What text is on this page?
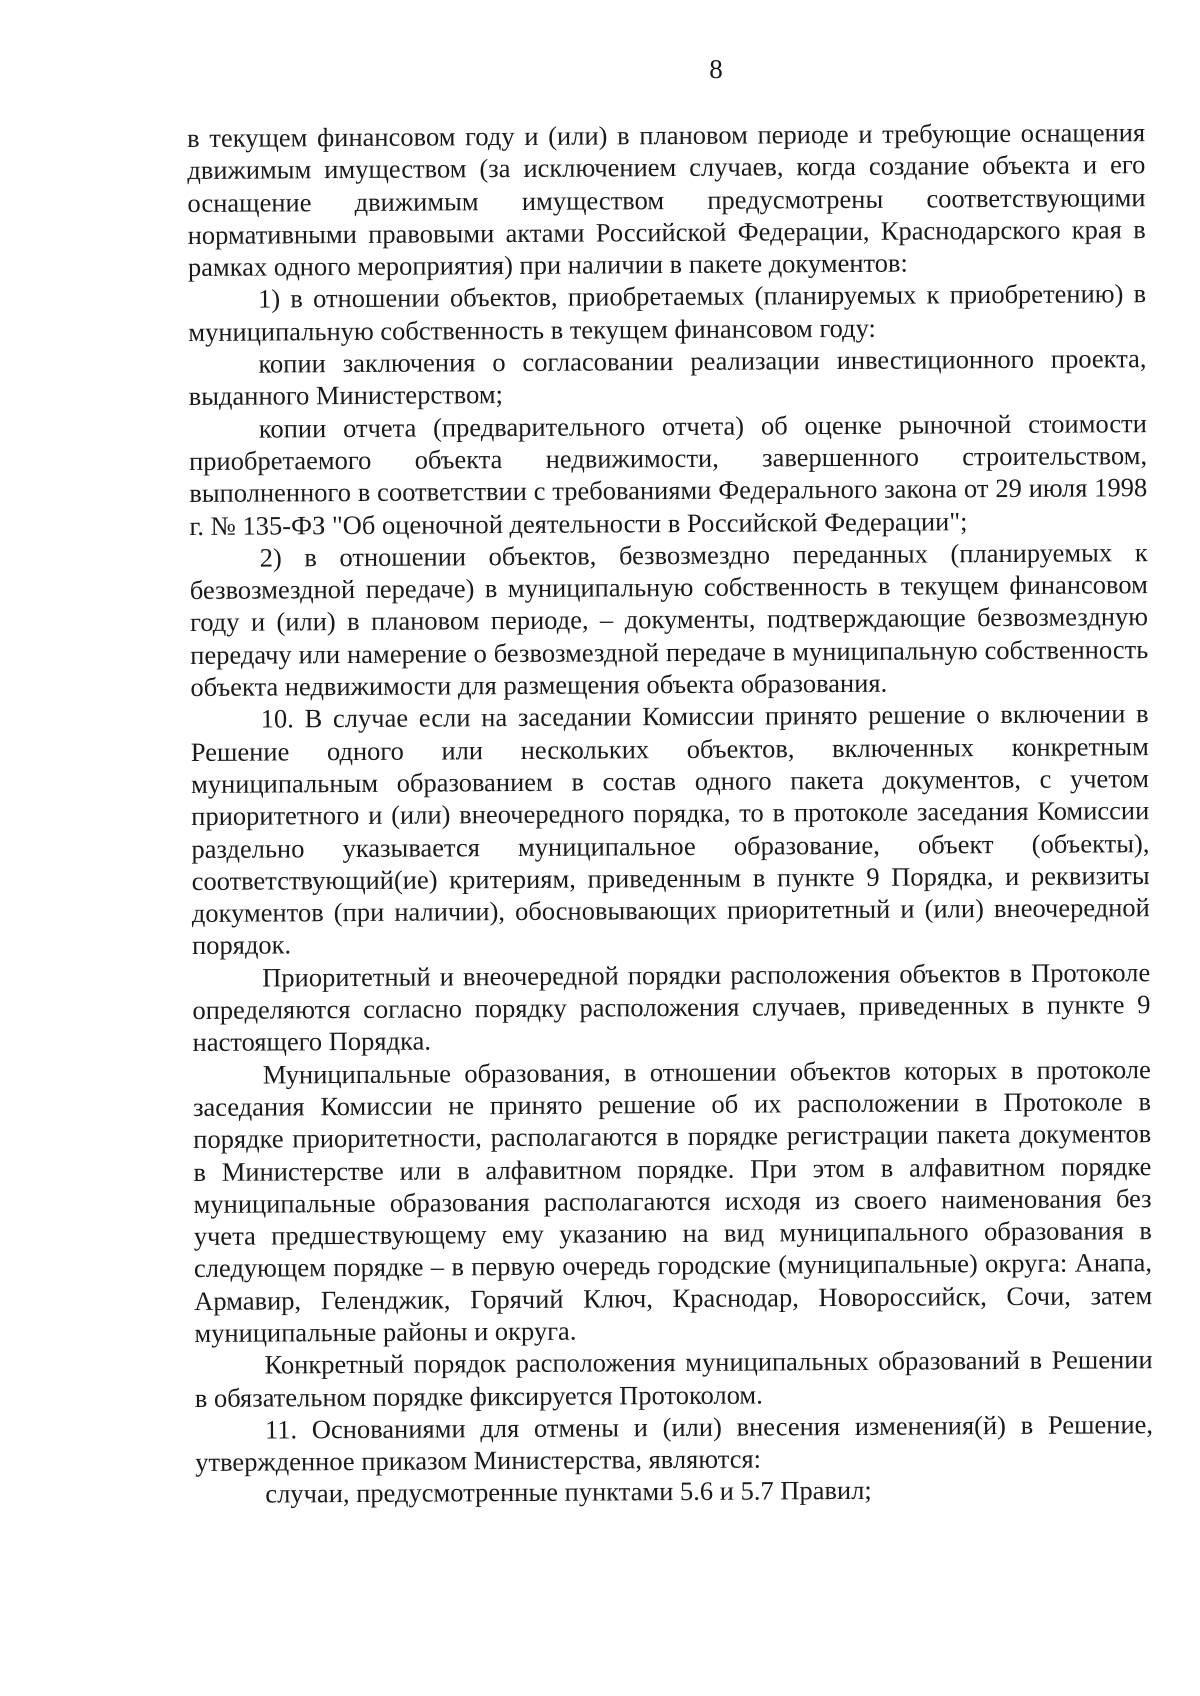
8

в текущем финансовом году и (или) в плановом периоде и требующие оснащения движимым имуществом (за исключением случаев, когда создание объекта и его оснащение движимым имуществом предусмотрены соответствующими нормативными правовыми актами Российской Федерации, Краснодарского края в рамках одного мероприятия) при наличии в пакете документов:

1) в отношении объектов, приобретаемых (планируемых к приобретению) в муниципальную собственность в текущем финансовом году:

копии заключения о согласовании реализации инвестиционного проекта, выданного Министерством;

копии отчета (предварительного отчета) об оценке рыночной стоимости приобретаемого объекта недвижимости, завершенного строительством, выполненного в соответствии с требованиями Федерального закона от 29 июля 1998 г. № 135-ФЗ "Об оценочной деятельности в Российской Федерации";

2) в отношении объектов, безвозмездно переданных (планируемых к безвозмездной передаче) в муниципальную собственность в текущем финансовом году и (или) в плановом периоде, – документы, подтверждающие безвозмездную передачу или намерение о безвозмездной передаче в муниципальную собственность объекта недвижимости для размещения объекта образования.

10. В случае если на заседании Комиссии принято решение о включении в Решение одного или нескольких объектов, включенных конкретным муниципальным образованием в состав одного пакета документов, с учетом приоритетного и (или) внеочередного порядка, то в протоколе заседания Комиссии раздельно указывается муниципальное образование, объект (объекты), соответствующий(ие) критериям, приведенным в пункте 9 Порядка, и реквизиты документов (при наличии), обосновывающих приоритетный и (или) внеочередной порядок.

Приоритетный и внеочередной порядки расположения объектов в Протоколе определяются согласно порядку расположения случаев, приведенных в пункте 9 настоящего Порядка.

Муниципальные образования, в отношении объектов которых в протоколе заседания Комиссии не принято решение об их расположении в Протоколе в порядке приоритетности, располагаются в порядке регистрации пакета документов в Министерстве или в алфавитном порядке. При этом в алфавитном порядке муниципальные образования располагаются исходя из своего наименования без учета предшествующему ему указанию на вид муниципального образования в следующем порядке – в первую очередь городские (муниципальные) округа: Анапа, Армавир, Геленджик, Горячий Ключ, Краснодар, Новороссийск, Сочи, затем муниципальные районы и округа.

Конкретный порядок расположения муниципальных образований в Решении в обязательном порядке фиксируется Протоколом.

11. Основаниями для отмены и (или) внесения изменения(й) в Решение, утвержденное приказом Министерства, являются:

случаи, предусмотренные пунктами 5.6 и 5.7 Правил;
